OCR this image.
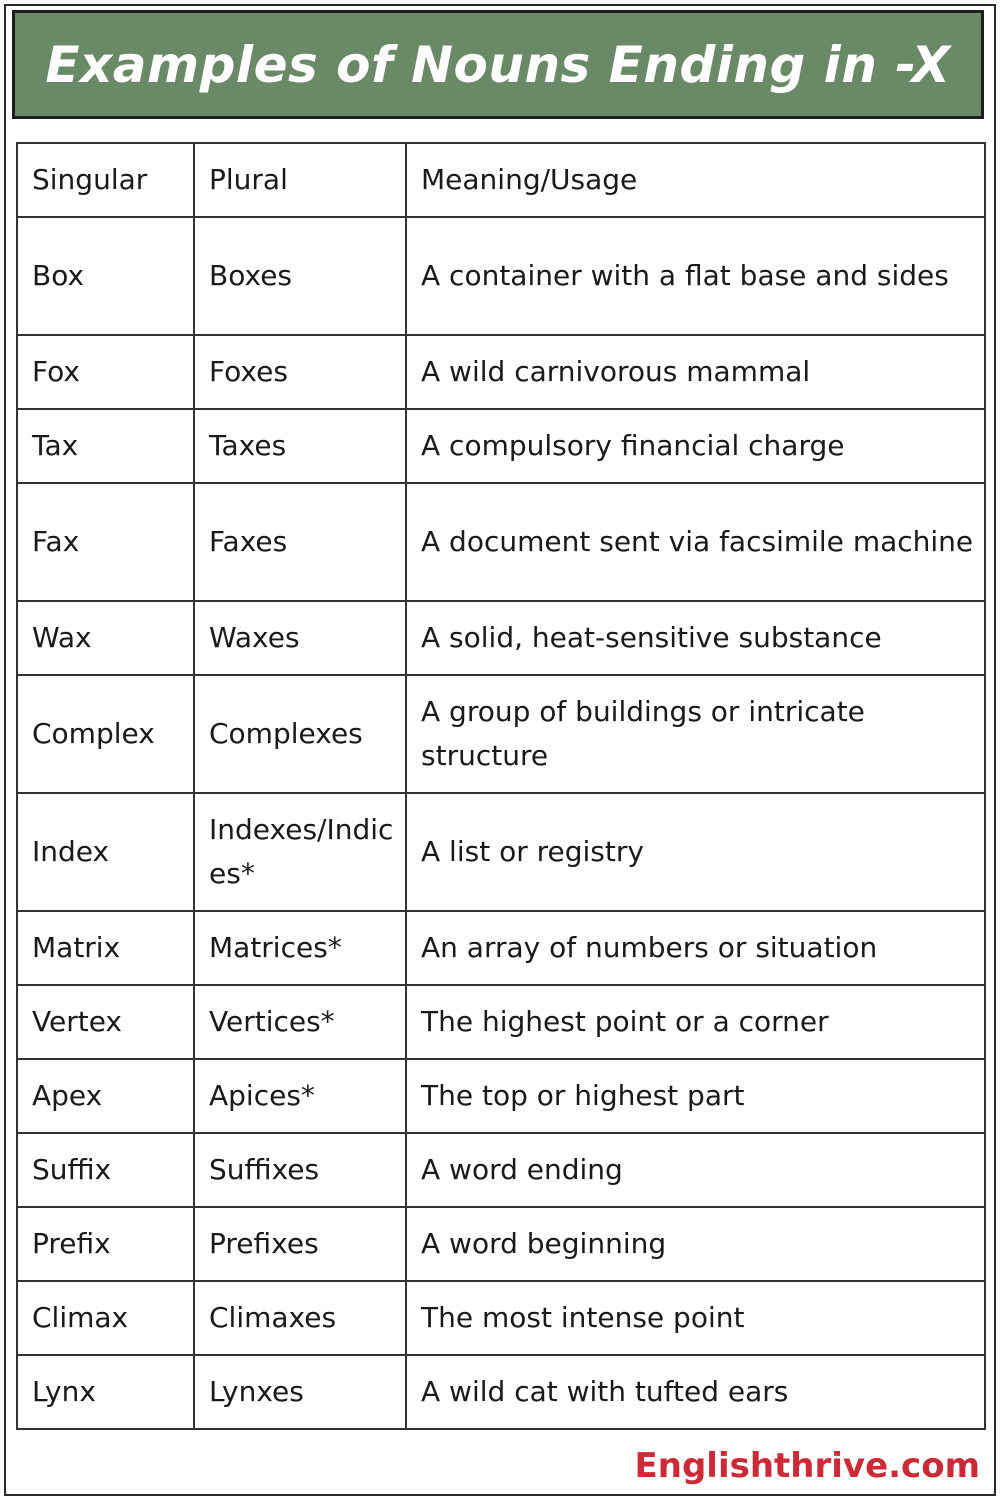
Examples of Nouns Ending in -X
Singular	Plural	Meaning/Usage
Box	Boxes	A container with a flat base and sides
Fox	Foxes	A wild carnivorous mammal
Tax	Taxes	A compulsory financial charge
Fax	Faxes	A document sent via facsimile machine
Wax	Waxes	A solid, heat-sensitive substance
Complex	Complexes	A group of buildings or intricate structure
Index	Indexes/Indices*	A list or registry
Matrix	Matrices*	An array of numbers or situation
Vertex	Vertices*	The highest point or a corner
Apex	Apices*	The top or highest part
Suffix	Suffixes	A word ending
Prefix	Prefixes	A word beginning
Climax	Climaxes	The most intense point
Lynx	Lynxes	A wild cat with tufted ears
Englishthrive.com
